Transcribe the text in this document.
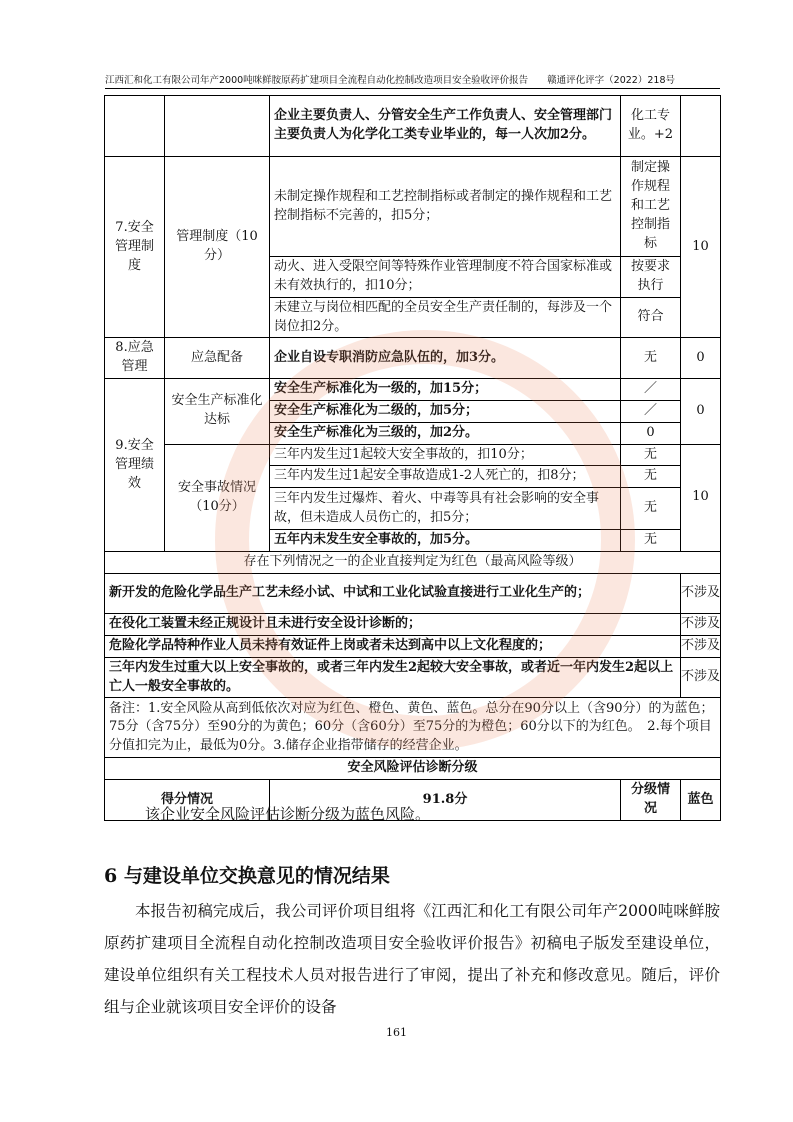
江西汇和化工有限公司年产2000吨咪鲜胺原药扩建项目全流程自动化控制改造项目安全验收评价报告　　赣通评化评字（2022）218号
		企业主要负责人、分管安全生产工作负责人、安全管理部门主要负责人为化学化工类专业毕业的，每一人次加2分。	化工专业。+2	
7.安全管理制度	管理制度（10分）	未制定操作规程和工艺控制指标或者制定的操作规程和工艺控制指标不完善的，扣5分；	制定操作规程和工艺控制指标	10
		动火、进入受限空间等特殊作业管理制度不符合国家标准或未有效执行的，扣10分；	按要求执行	
		未建立与岗位相匹配的全员安全生产责任制的，每涉及一个岗位扣2分。	符合	
8.应急管理	应急配备	企业自设专职消防应急队伍的，加3分。	无	0
9.安全管理绩效	安全生产标准化达标	安全生产标准化为一级的，加15分；	／	0
		安全生产标准化为二级的，加5分；	／	
		安全生产标准化为三级的，加2分。	0	
	安全事故情况（10分）	三年内发生过1起较大安全事故的，扣10分；	无	10
		三年内发生过1起安全事故造成1-2人死亡的，扣8分；	无	
		三年内发生过爆炸、着火、中毒等具有社会影响的安全事故，但未造成人员伤亡的，扣5分；	无	
		五年内未发生安全事故的，加5分。	无	
存在下列情况之一的企业直接判定为红色（最高风险等级）				
新开发的危险化学品生产工艺未经小试、中试和工业化试验直接进行工业化生产的；				不涉及
在役化工装置未经正规设计且未进行安全设计诊断的；				不涉及
危险化学品特种作业人员未持有效证件上岗或者未达到高中以上文化程度的；				不涉及
三年内发生过重大以上安全事故的，或者三年内发生2起较大安全事故，或者近一年内发生2起以上亡人一般安全事故的。				不涉及
备注：1.安全风险从高到低依次对应为红色、橙色、黄色、蓝色。总分在90分以上（含90分）的为蓝色；75分（含75分）至90分的为黄色；60分（含60分）至75分的为橙色；60分以下的为红色。　2.每个项目分值扣完为止，最低为0分。3.储存企业指带储存的经营企业。				
安全风险评估诊断分级				
得分情况		91.8分	分级情况	蓝色
该企业安全风险评估诊断分级为蓝色风险。
6 与建设单位交换意见的情况结果

本报告初稿完成后，我公司评价项目组将《江西汇和化工有限公司年产2000吨咪鲜胺原药扩建项目全流程自动化控制改造项目安全验收评价报告》初稿电子版发至建设单位，建设单位组织有关工程技术人员对报告进行了审阅，提出了补充和修改意见。随后，评价组与企业就该项目安全评价的设备

161
